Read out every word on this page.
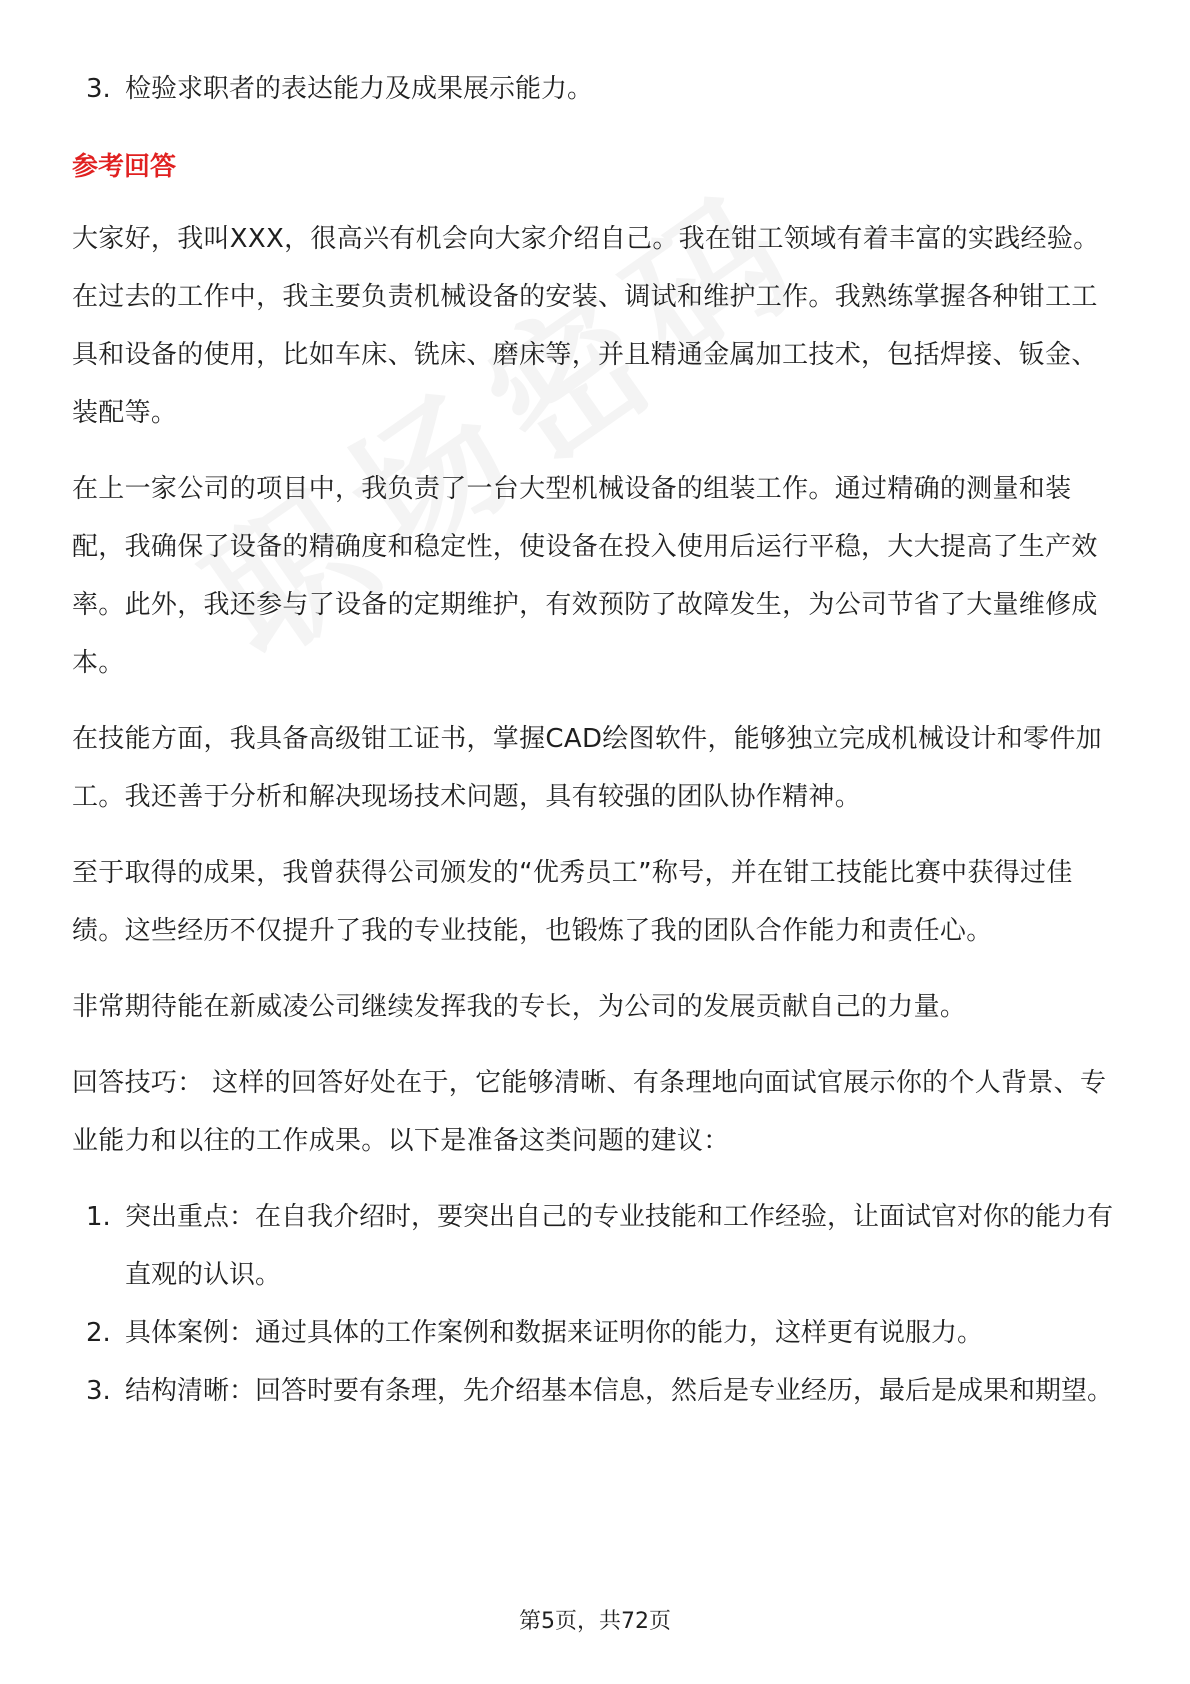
3. 检验求职者的表达能力及成果展示能力。
参考回答
大家好，我叫XXX，很高兴有机会向大家介绍自己。我在钳工领域有着丰富的实践经验。在过去的工作中，我主要负责机械设备的安装、调试和维护工作。我熟练掌握各种钳工工具和设备的使用，比如车床、铣床、磨床等，并且精通金属加工技术，包括焊接、钣金、装配等。
在上一家公司的项目中，我负责了一台大型机械设备的组装工作。通过精确的测量和装配，我确保了设备的精确度和稳定性，使设备在投入使用后运行平稳，大大提高了生产效率。此外，我还参与了设备的定期维护，有效预防了故障发生，为公司节省了大量维修成本。
在技能方面，我具备高级钳工证书，掌握CAD绘图软件，能够独立完成机械设计和零件加工。我还善于分析和解决现场技术问题，具有较强的团队协作精神。
至于取得的成果，我曾获得公司颁发的“优秀员工”称号，并在钳工技能比赛中获得过佳绩。这些经历不仅提升了我的专业技能，也锻炼了我的团队合作能力和责任心。
非常期待能在新威凌公司继续发挥我的专长，为公司的发展贡献自己的力量。
回答技巧： 这样的回答好处在于，它能够清晰、有条理地向面试官展示你的个人背景、专业能力和以往的工作成果。以下是准备这类问题的建议：
1. 突出重点：在自我介绍时，要突出自己的专业技能和工作经验，让面试官对你的能力有直观的认识。
2. 具体案例：通过具体的工作案例和数据来证明你的能力，这样更有说服力。
3. 结构清晰：回答时要有条理，先介绍基本信息，然后是专业经历，最后是成果和期望。
第5页，共72页
